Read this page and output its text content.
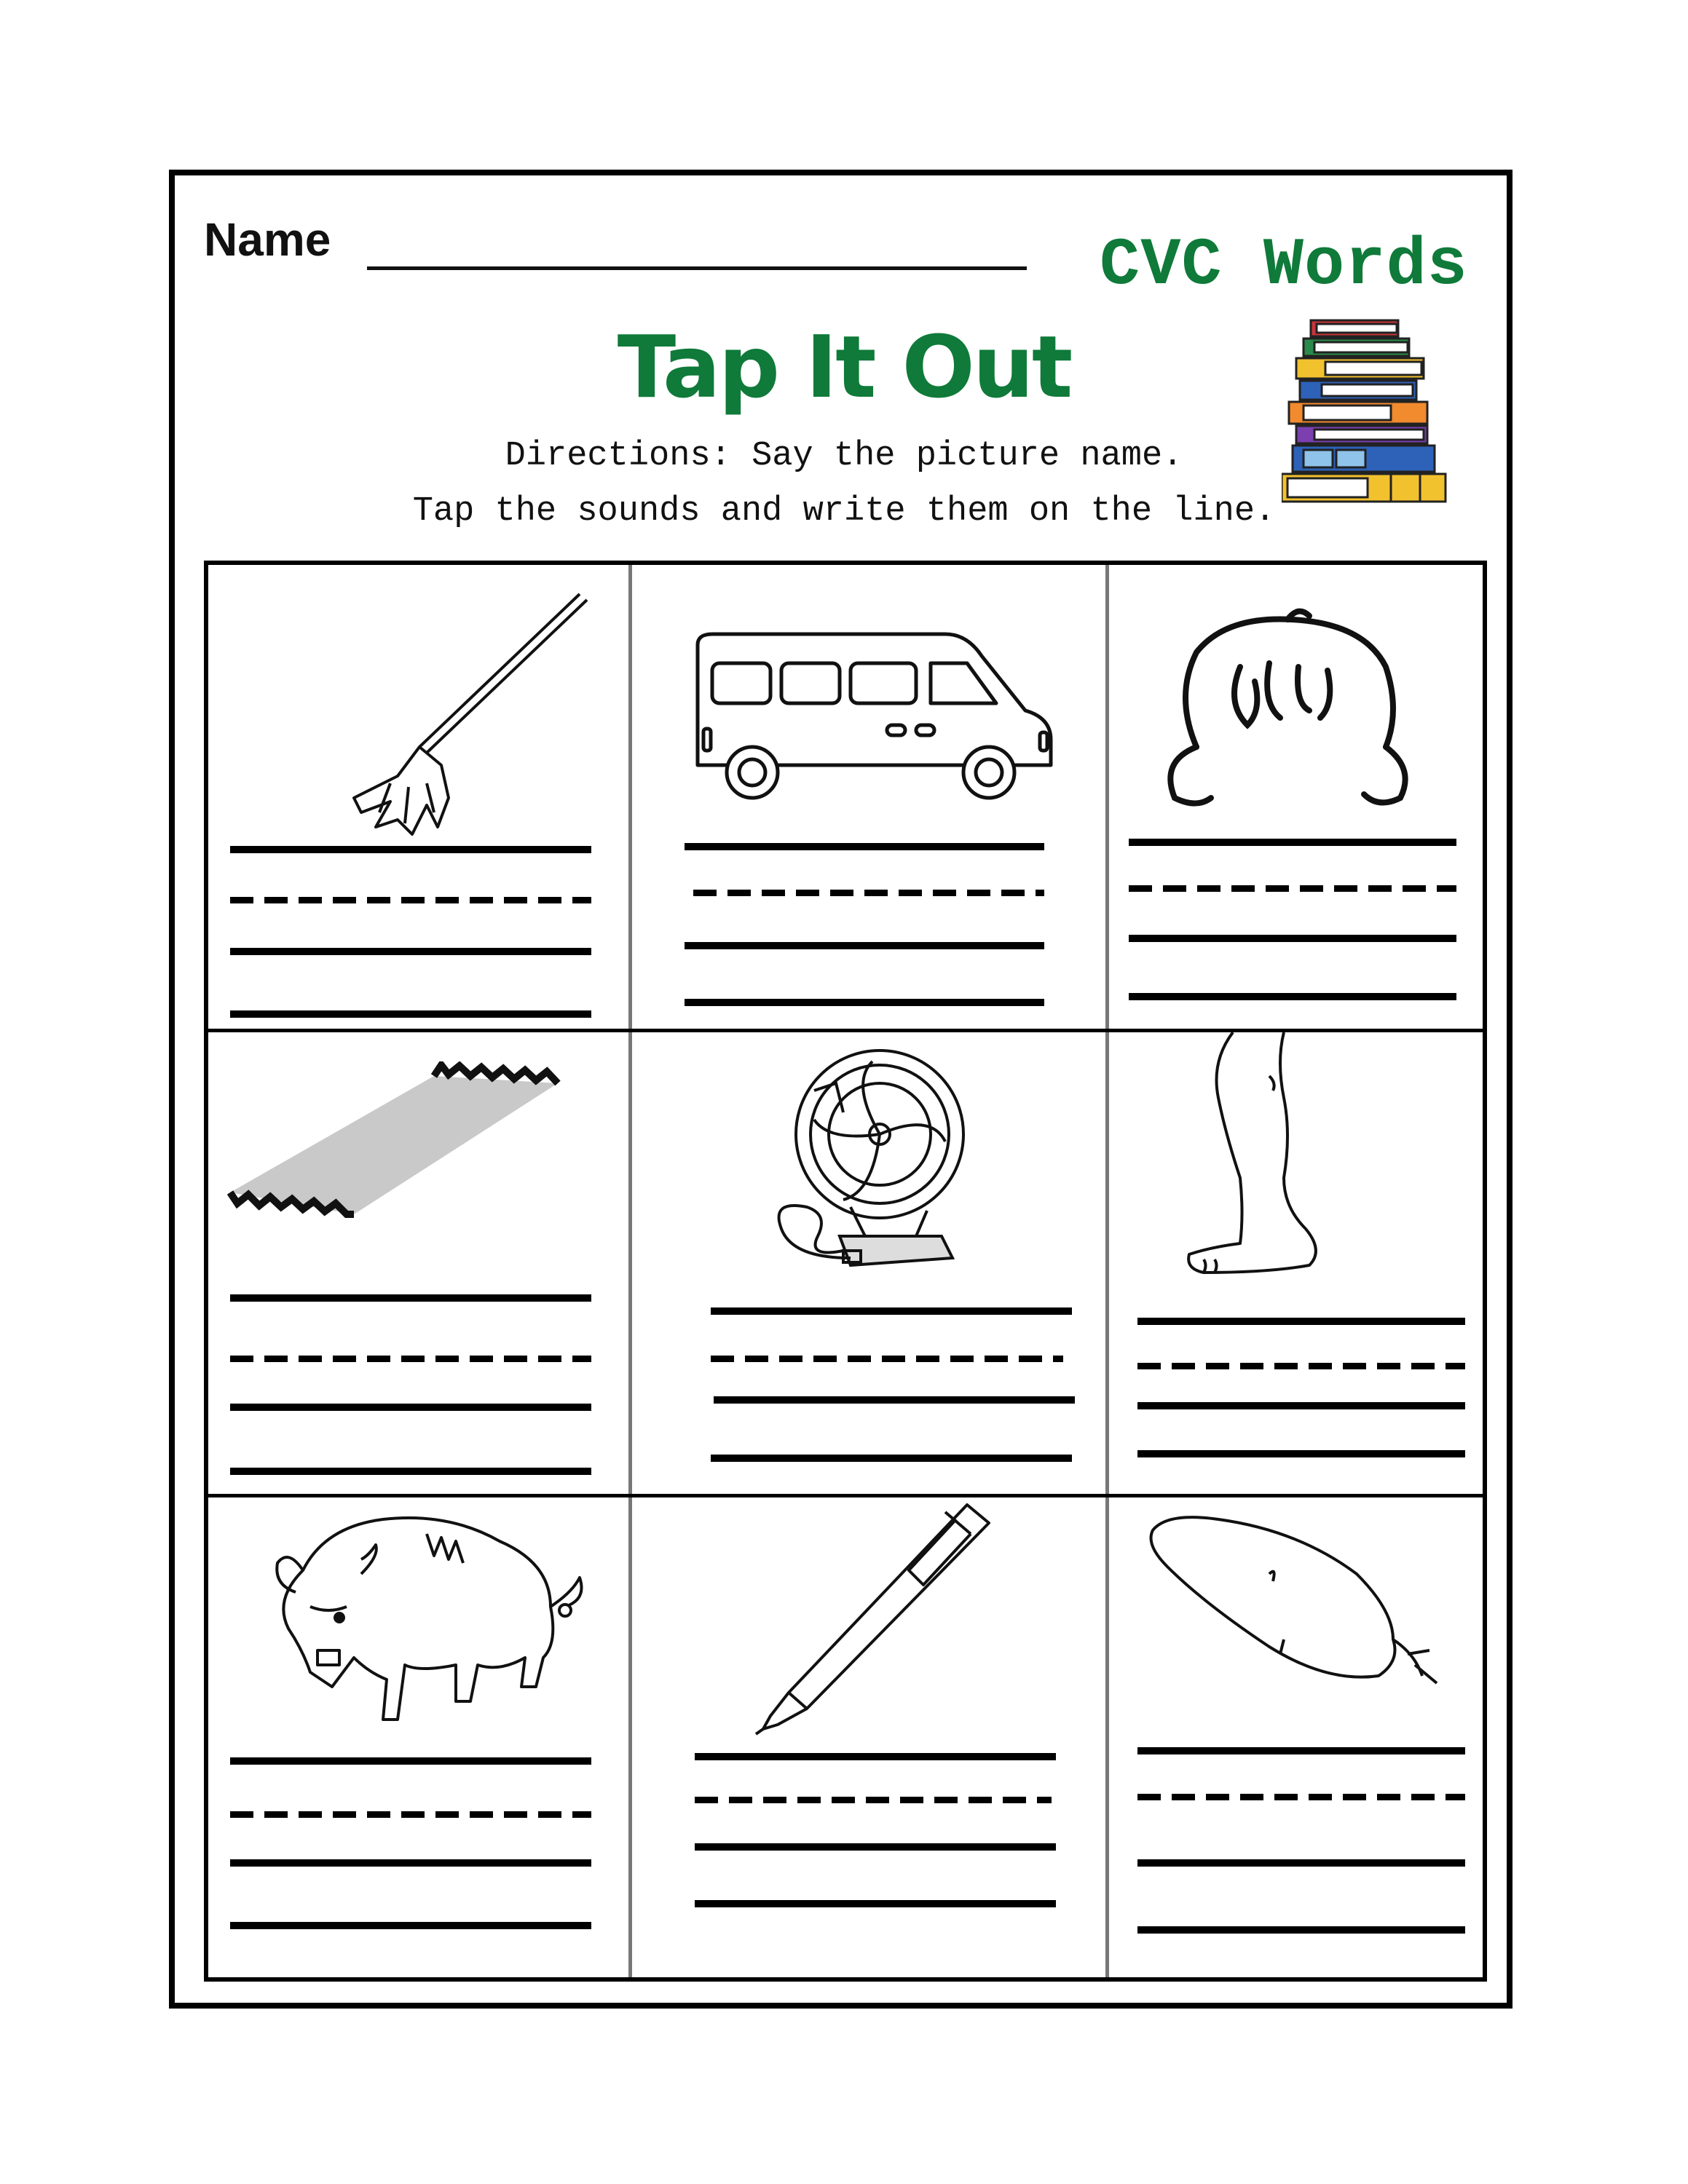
Name	CVC Words
Tap It Out
Directions: Say the picture name.
Tap the sounds and write them on the line.
